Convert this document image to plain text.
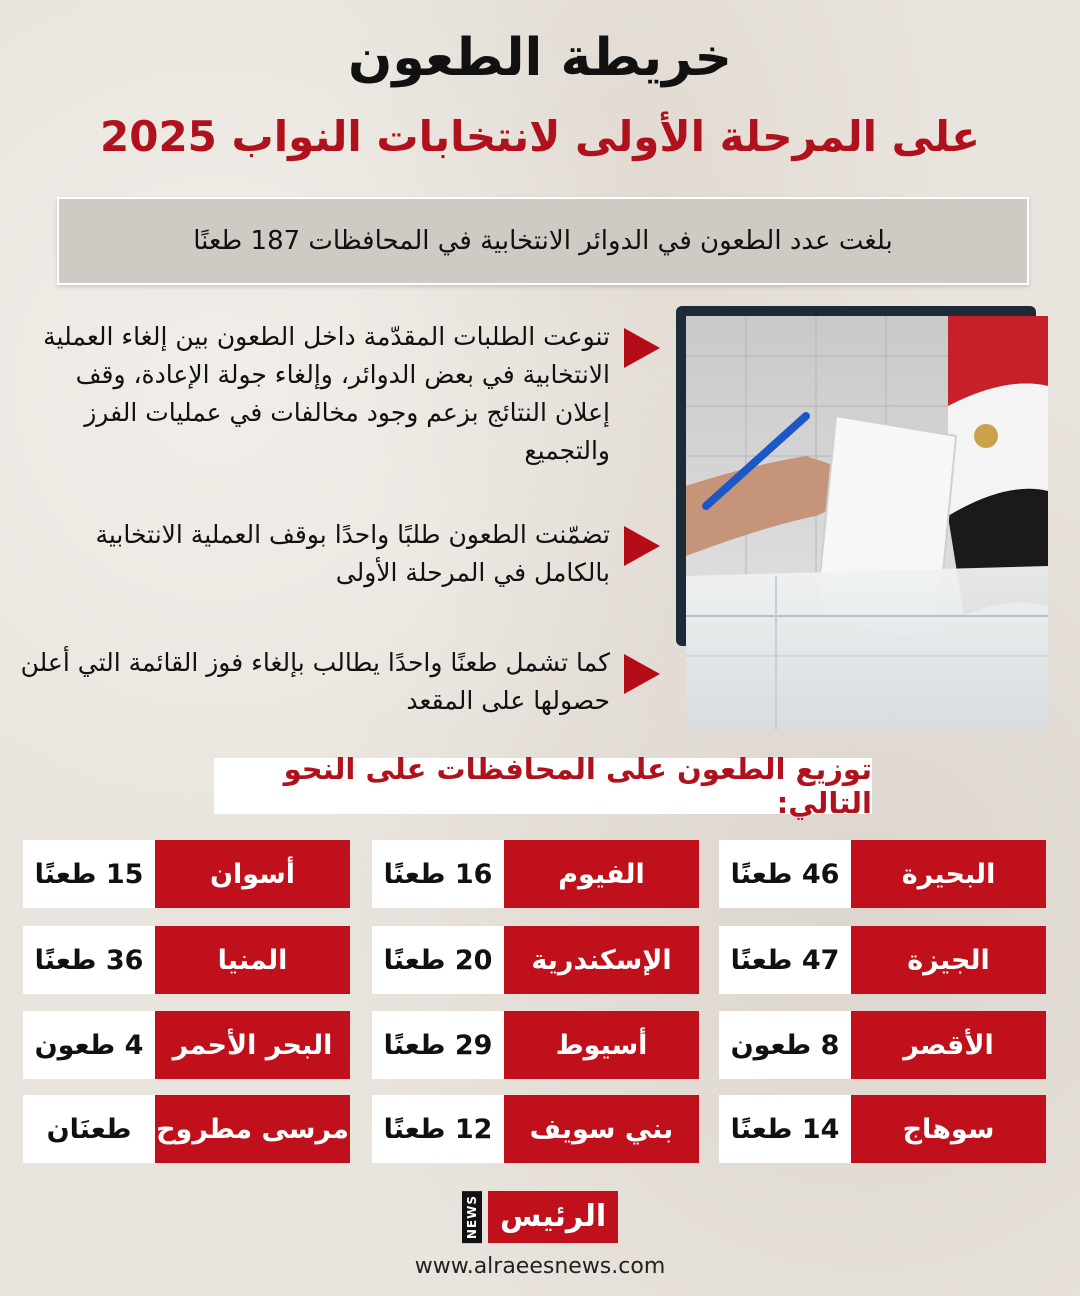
خريطة الطعون
على المرحلة الأولى لانتخابات النواب 2025
بلغت عدد الطعون في الدوائر الانتخابية في المحافظات 187 طعنًا
تنوعت الطلبات المقدّمة داخل الطعون بين إلغاء العملية الانتخابية في بعض الدوائر، وإلغاء جولة الإعادة، وقف إعلان النتائج بزعم وجود مخالفات في عمليات الفرز والتجميع
تضمّنت الطعون طلبًا واحدًا بوقف العملية الانتخابية بالكامل في المرحلة الأولى
كما تشمل طعنًا واحدًا يطالب بإلغاء فوز القائمة التي أعلن حصولها على المقعد
توزيع الطعون على المحافظات على النحو التالي:
البحيرة
46 طعنًا
الفيوم
16 طعنًا
أسوان
15 طعنًا
الجيزة
47 طعنًا
الإسكندرية
20 طعنًا
المنيا
36 طعنًا
الأقصر
8 طعون
أسيوط
29 طعنًا
البحر الأحمر
4 طعون
سوهاج
14 طعنًا
بني سويف
12 طعنًا
مرسى مطروح
طعنَان
NEWS الرئيس
www.alraeesnews.com
